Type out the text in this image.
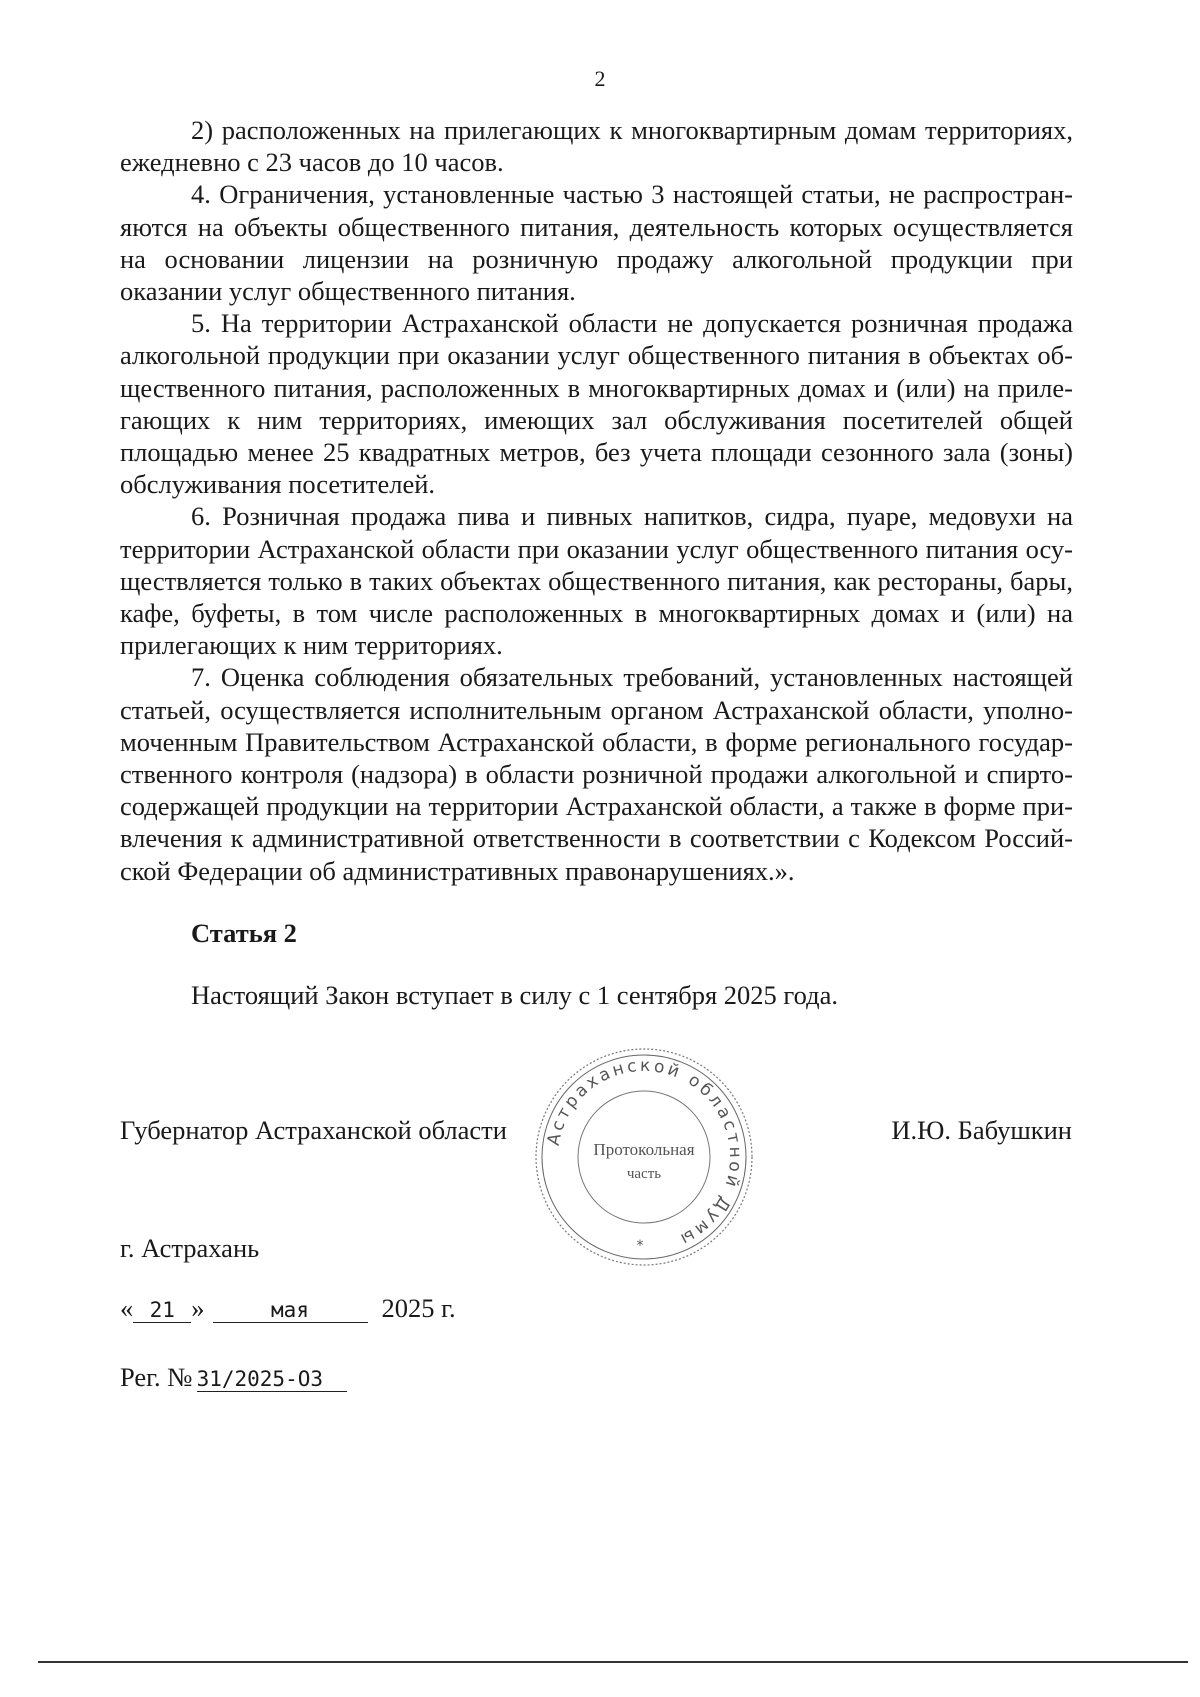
2

2) расположенных на прилегающих к многоквартирным домам территориях, ежедневно с 23 часов до 10 часов.

4. Ограничения, установленные частью 3 настоящей статьи, не распространяются на объекты общественного питания, деятельность которых осуществляется на основании лицензии на розничную продажу алкогольной продукции при оказании услуг общественного питания.

5. На территории Астраханской области не допускается розничная продажа алкогольной продукции при оказании услуг общественного питания в объектах общественного питания, расположенных в многоквартирных домах и (или) на прилегающих к ним территориях, имеющих зал обслуживания посетителей общей площадью менее 25 квадратных метров, без учета площади сезонного зала (зоны) обслуживания посетителей.

6. Розничная продажа пива и пивных напитков, сидра, пуаре, медовухи на территории Астраханской области при оказании услуг общественного питания осуществляется только в таких объектах общественного питания, как рестораны, бары, кафе, буфеты, в том числе расположенных в многоквартирных домах и (или) на прилегающих к ним территориях.

7. Оценка соблюдения обязательных требований, установленных настоящей статьей, осуществляется исполнительным органом Астраханской области, уполномоченным Правительством Астраханской области, в форме регионального государственного контроля (надзора) в области розничной продажи алкогольной и спиртосодержащей продукции на территории Астраханской области, а также в форме привлечения к административной ответственности в соответствии с Кодексом Российской Федерации об административных правонарушениях.».

Статья 2

Настоящий Закон вступает в силу с 1 сентября 2025 года.

Губернатор Астраханской области	И.Ю. Бабушкин

Астраханской областной Думы
Протокольная
часть
*

г. Астрахань

« 21 »	мая	2025 г.

Рег. № 31/2025-ОЗ
